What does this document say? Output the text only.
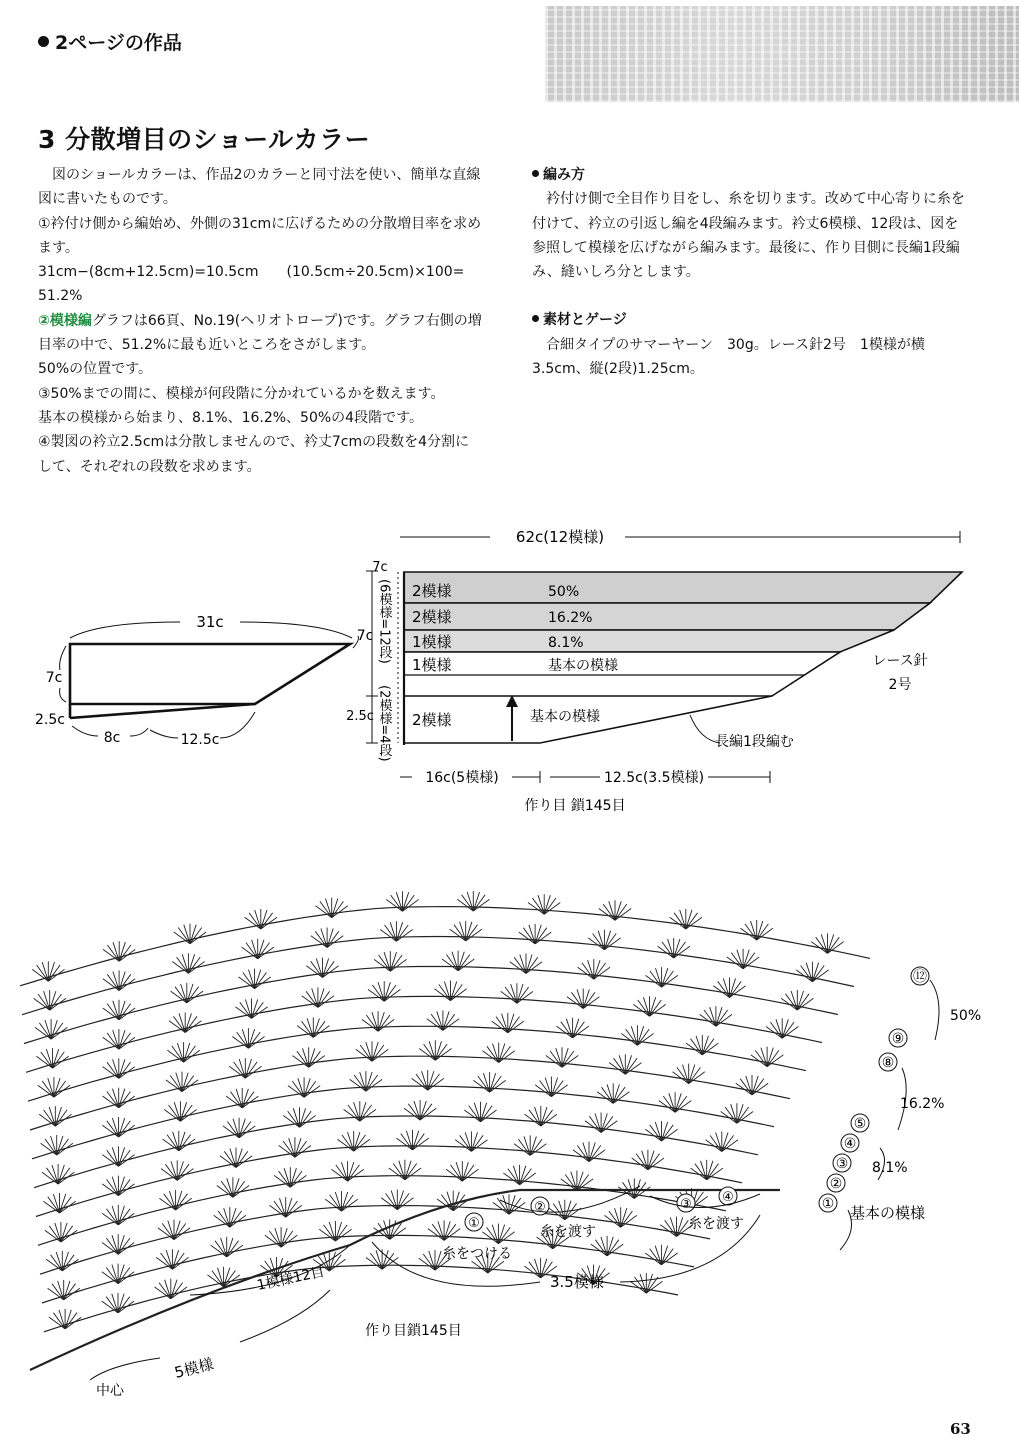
2ページの作品
3 分散増目のショールカラー

図のショールカラーは、作品2のカラーと同寸法を使い、簡単な直線図に書いたものです。

①衿付け側から編始め、外側の31cmに広げるための分散増目率を求めます。

31cm−(8cm+12.5cm)=10.5cm　　(10.5cm÷20.5cm)×100=

51.2%

②模様編グラフは66頁、No.19(ヘリオトロープ)です。グラフ右側の増目率の中で、51.2%に最も近いところをさがします。

50%の位置です。

③50%までの間に、模様が何段階に分かれているかを数えます。

基本の模様から始まり、8.1%、16.2%、50%の4段階です。

④製図の衿立2.5cmは分散しませんので、衿丈7cmの段数を4分割にして、それぞれの段数を求めます。

編み方

衿付け側で全目作り目をし、糸を切ります。改めて中心寄りに糸を付けて、衿立の引返し編を4段編みます。衿丈6模様、12段は、図を参照して模様を広げながら編みます。最後に、作り目側に長編1段編み、縫いしろ分とします。

素材とゲージ

合細タイプのサマーヤーン　30g。レース針2号　1模様が横3.5cm、縦(2段)1.25cm。

31c
7c
2.5c
7c
8c	12.5c
62c(12模様)
2模様	50%
2模様	16.2%
1模様	8.1%
1模様	基本の模様
2模様	基本の模様
レース針
2号
長編1段編む
7c
2.5c
(6模様=12段)
(2模様=4段)
16c(5模様)	12.5c(3.5模様)
作り目 鎖145目
⑫
⑨
⑧
⑤
④
③
②
①
50%
16.2%
8.1%
基本の模様
①
②	③ ④
糸をつける
糸を渡す	糸を渡す
3.5模様
1模様12目
作り目鎖145目
中心
5模様
63
